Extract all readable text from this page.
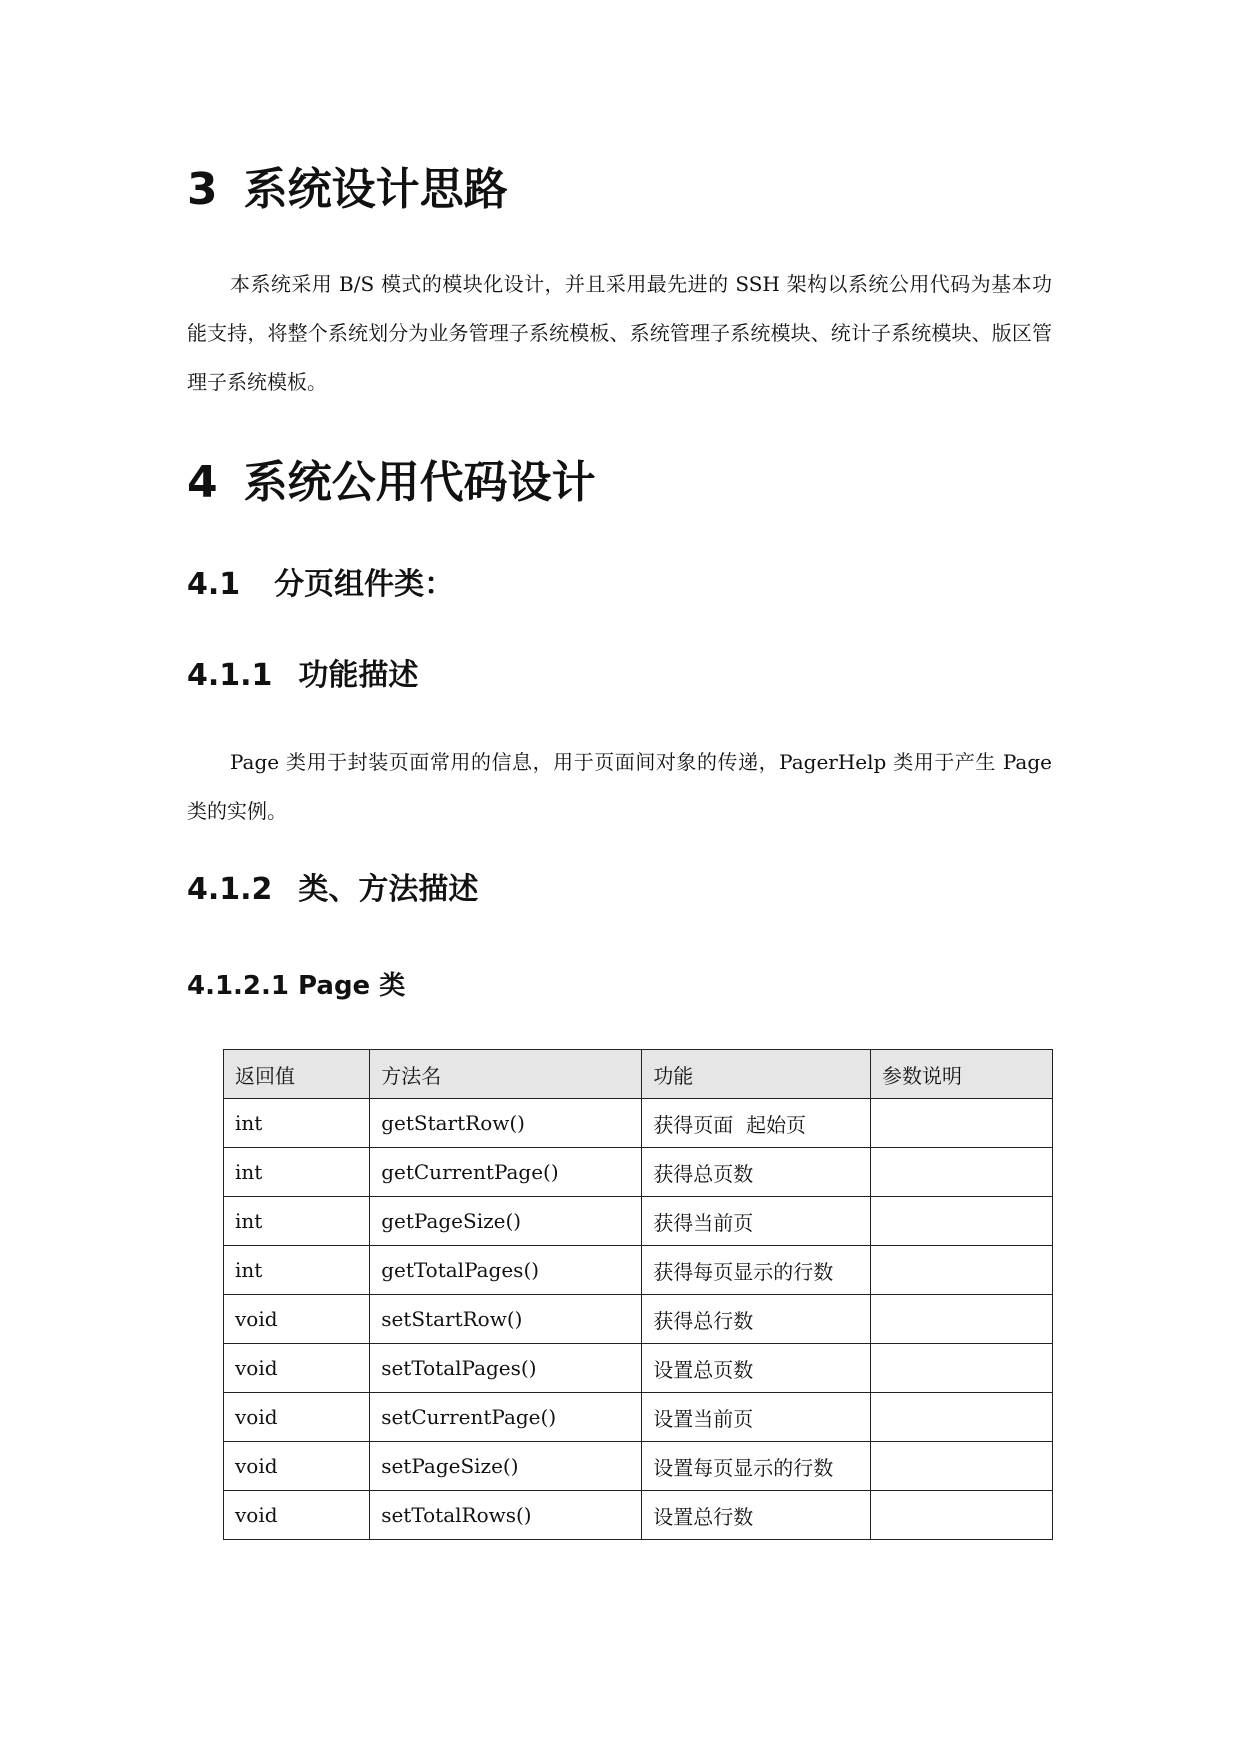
3 系统设计思路

本系统采用 B/S 模式的模块化设计，并且采用最先进的 SSH 架构以系统公用代码为基本功能支持，将整个系统划分为业务管理子系统模板、系统管理子系统模块、统计子系统模块、版区管理子系统模板。

4 系统公用代码设计
4.1 分页组件类：
4.1.1 功能描述

Page 类用于封装页面常用的信息，用于页面间对象的传递，PagerHelp 类用于产生 Page 类的实例。

4.1.2 类、方法描述
4.1.2.1 Page 类
返回值	方法名	功能	参数说明
int	getStartRow()	获得页面  起始页	
int	getCurrentPage()	获得总页数	
int	getPageSize()	获得当前页	
int	getTotalPages()	获得每页显示的行数	
void	setStartRow()	获得总行数	
void	setTotalPages()	设置总页数	
void	setCurrentPage()	设置当前页	
void	setPageSize()	设置每页显示的行数	
void	setTotalRows()	设置总行数	
